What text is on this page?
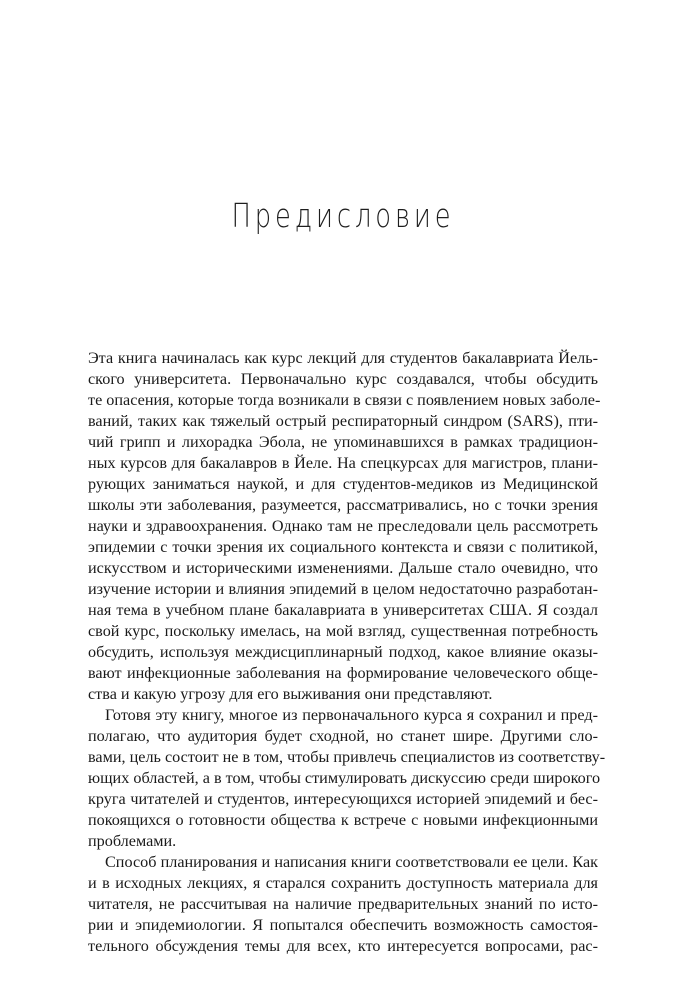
Предисловие
Эта книга начиналась как курс лекций для студентов бакалавриата Йель-
ского университета. Первоначально курс создавался, чтобы обсудить
те опасения, которые тогда возникали в связи с появлением новых заболе-
ваний, таких как тяжелый острый респираторный синдром (SARS), пти-
чий грипп и лихорадка Эбола, не упоминавшихся в рамках традицион-
ных курсов для бакалавров в Йеле. На спецкурсах для магистров, плани-
рующих заниматься наукой, и для студентов-медиков из Медицинской
школы эти заболевания, разумеется, рассматривались, но с точки зрения
науки и здравоохранения. Однако там не преследовали цель рассмотреть
эпидемии с точки зрения их социального контекста и связи с политикой,
искусством и историческими изменениями. Дальше стало очевидно, что
изучение истории и влияния эпидемий в целом недостаточно разработан-
ная тема в учебном плане бакалавриата в университетах США. Я создал
свой курс, поскольку имелась, на мой взгляд, существенная потребность
обсудить, используя междисциплинарный подход, какое влияние оказы-
вают инфекционные заболевания на формирование человеческого обще-
ства и какую угрозу для его выживания они представляют.
Готовя эту книгу, многое из первоначального курса я сохранил и пред-
полагаю, что аудитория будет сходной, но станет шире. Другими сло-
вами, цель состоит не в том, чтобы привлечь специалистов из соответству-
ющих областей, а в том, чтобы стимулировать дискуссию среди широкого
круга читателей и студентов, интересующихся историей эпидемий и бес-
покоящихся о готовности общества к встрече с новыми инфекционными
проблемами.
Способ планирования и написания книги соответствовали ее цели. Как
и в исходных лекциях, я старался сохранить доступность материала для
читателя, не рассчитывая на наличие предварительных знаний по исто-
рии и эпидемиологии. Я попытался обеспечить возможность самостоя-
тельного обсуждения темы для всех, кто интересуется вопросами, рас-
